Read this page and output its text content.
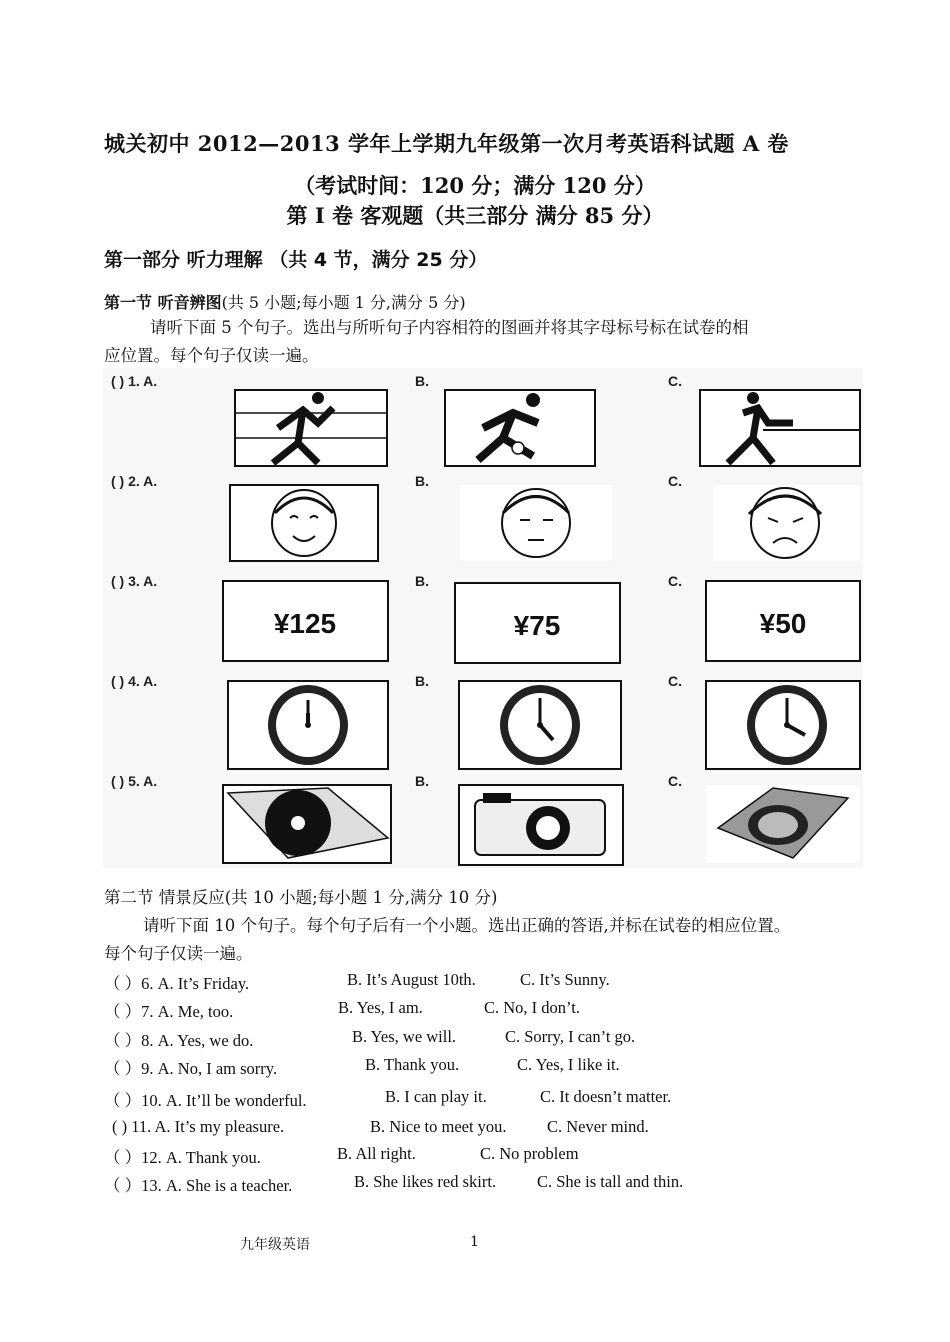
城关初中 2012—2013 学年上学期九年级第一次月考英语科试题 A 卷
（考试时间：120 分；满分 120 分）
第 I 卷 客观题（共三部分 满分 85 分）
第一部分 听力理解 （共 4 节，满分 25 分）
第一节 听音辨图(共 5 小题;每小题 1 分,满分 5 分)
请听下面 5 个句子。选出与所听句子内容相符的图画并将其字母标号标在试卷的相
应位置。每个句子仅读一遍。
( ) 1. A.	B.	C.
( ) 2. A.	B.	C.
( ) 3. A.	B.	C.
( ) 4. A.	B.	C.
( ) 5. A.	B.	C.
¥125	¥75	¥50
第二节 情景反应(共 10 小题;每小题 1 分,满分 10 分)
请听下面 10 个句子。每个句子后有一个小题。选出正确的答语,并标在试卷的相应位置。
每个句子仅读一遍。
（ ）6. A. It’s Friday.	B. It’s August 10th.	C. It’s Sunny.
（ ）7. A. Me, too.	B. Yes, I am.	C. No, I don’t.
（ ）8. A. Yes, we do.	B. Yes, we will.	C. Sorry, I can’t go.
（ ）9. A. No, I am sorry.	B. Thank you.	C. Yes, I like it.
（ ）10. A. It’ll be wonderful.	B. I can play it.	C. It doesn’t matter.
( ) 11. A. It’s my pleasure.	B. Nice to meet you. C. Never mind.
（ ）12. A. Thank you.	B. All right.	C. No problem
（ ）13. A. She is a teacher.	B. She likes red skirt. C. She is tall and thin.
九年级英语	1
